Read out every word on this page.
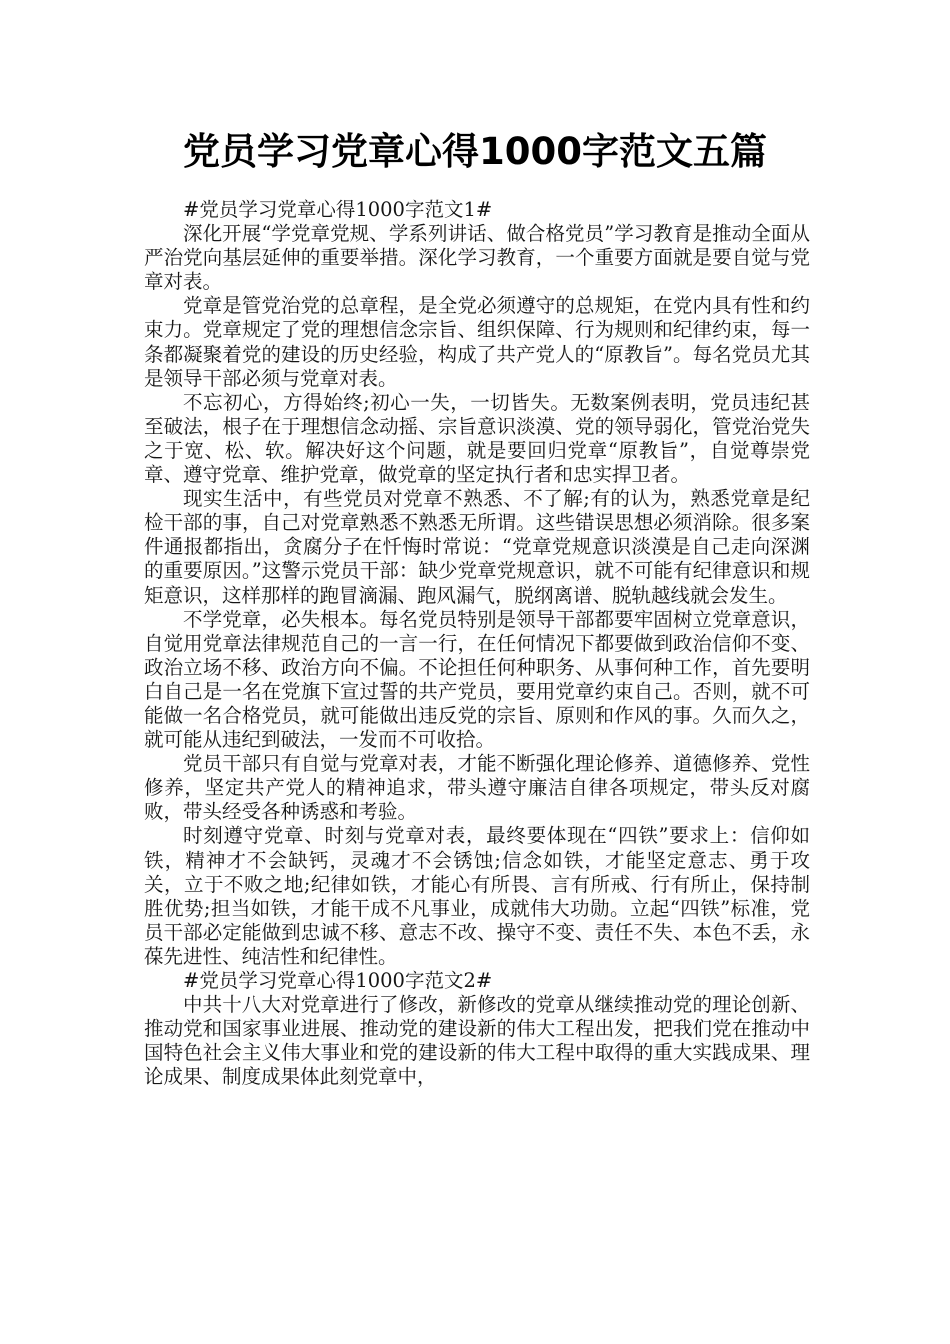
党员学习党章心得1000字范文五篇

#党员学习党章心得1000字范文1#

深化开展“学党章党规、学系列讲话、做合格党员”学习教育是推动全面从严治党向基层延伸的重要举措。深化学习教育，一个重要方面就是要自觉与党章对表。

党章是管党治党的总章程，是全党必须遵守的总规矩，在党内具有性和约束力。党章规定了党的理想信念宗旨、组织保障、行为规则和纪律约束，每一条都凝聚着党的建设的历史经验，构成了共产党人的“原教旨”。每名党员尤其是领导干部必须与党章对表。

不忘初心，方得始终;初心一失，一切皆失。无数案例表明，党员违纪甚至破法，根子在于理想信念动摇、宗旨意识淡漠、党的领导弱化，管党治党失之于宽、松、软。解决好这个问题，就是要回归党章“原教旨”，自觉尊崇党章、遵守党章、维护党章，做党章的坚定执行者和忠实捍卫者。

现实生活中，有些党员对党章不熟悉、不了解;有的认为，熟悉党章是纪检干部的事，自己对党章熟悉不熟悉无所谓。这些错误思想必须消除。很多案件通报都指出，贪腐分子在忏悔时常说：“党章党规意识淡漠是自己走向深渊的重要原因。”这警示党员干部：缺少党章党规意识，就不可能有纪律意识和规矩意识，这样那样的跑冒滴漏、跑风漏气，脱纲离谱、脱轨越线就会发生。

不学党章，必失根本。每名党员特别是领导干部都要牢固树立党章意识，自觉用党章法律规范自己的一言一行，在任何情况下都要做到政治信仰不变、政治立场不移、政治方向不偏。不论担任何种职务、从事何种工作，首先要明白自己是一名在党旗下宣过誓的共产党员，要用党章约束自己。否则，就不可能做一名合格党员，就可能做出违反党的宗旨、原则和作风的事。久而久之，就可能从违纪到破法，一发而不可收拾。

党员干部只有自觉与党章对表，才能不断强化理论修养、道德修养、党性修养，坚定共产党人的精神追求，带头遵守廉洁自律各项规定，带头反对腐败，带头经受各种诱惑和考验。

时刻遵守党章、时刻与党章对表，最终要体现在“四铁”要求上：信仰如铁，精神才不会缺钙，灵魂才不会锈蚀;信念如铁，才能坚定意志、勇于攻关，立于不败之地;纪律如铁，才能心有所畏、言有所戒、行有所止，保持制胜优势;担当如铁，才能干成不凡事业，成就伟大功勋。立起“四铁”标准，党员干部必定能做到忠诚不移、意志不改、操守不变、责任不失、本色不丢，永葆先进性、纯洁性和纪律性。

#党员学习党章心得1000字范文2#

中共十八大对党章进行了修改，新修改的党章从继续推动党的理论创新、推动党和国家事业进展、推动党的建设新的伟大工程出发，把我们党在推动中国特色社会主义伟大事业和党的建设新的伟大工程中取得的重大实践成果、理论成果、制度成果体此刻党章中，
